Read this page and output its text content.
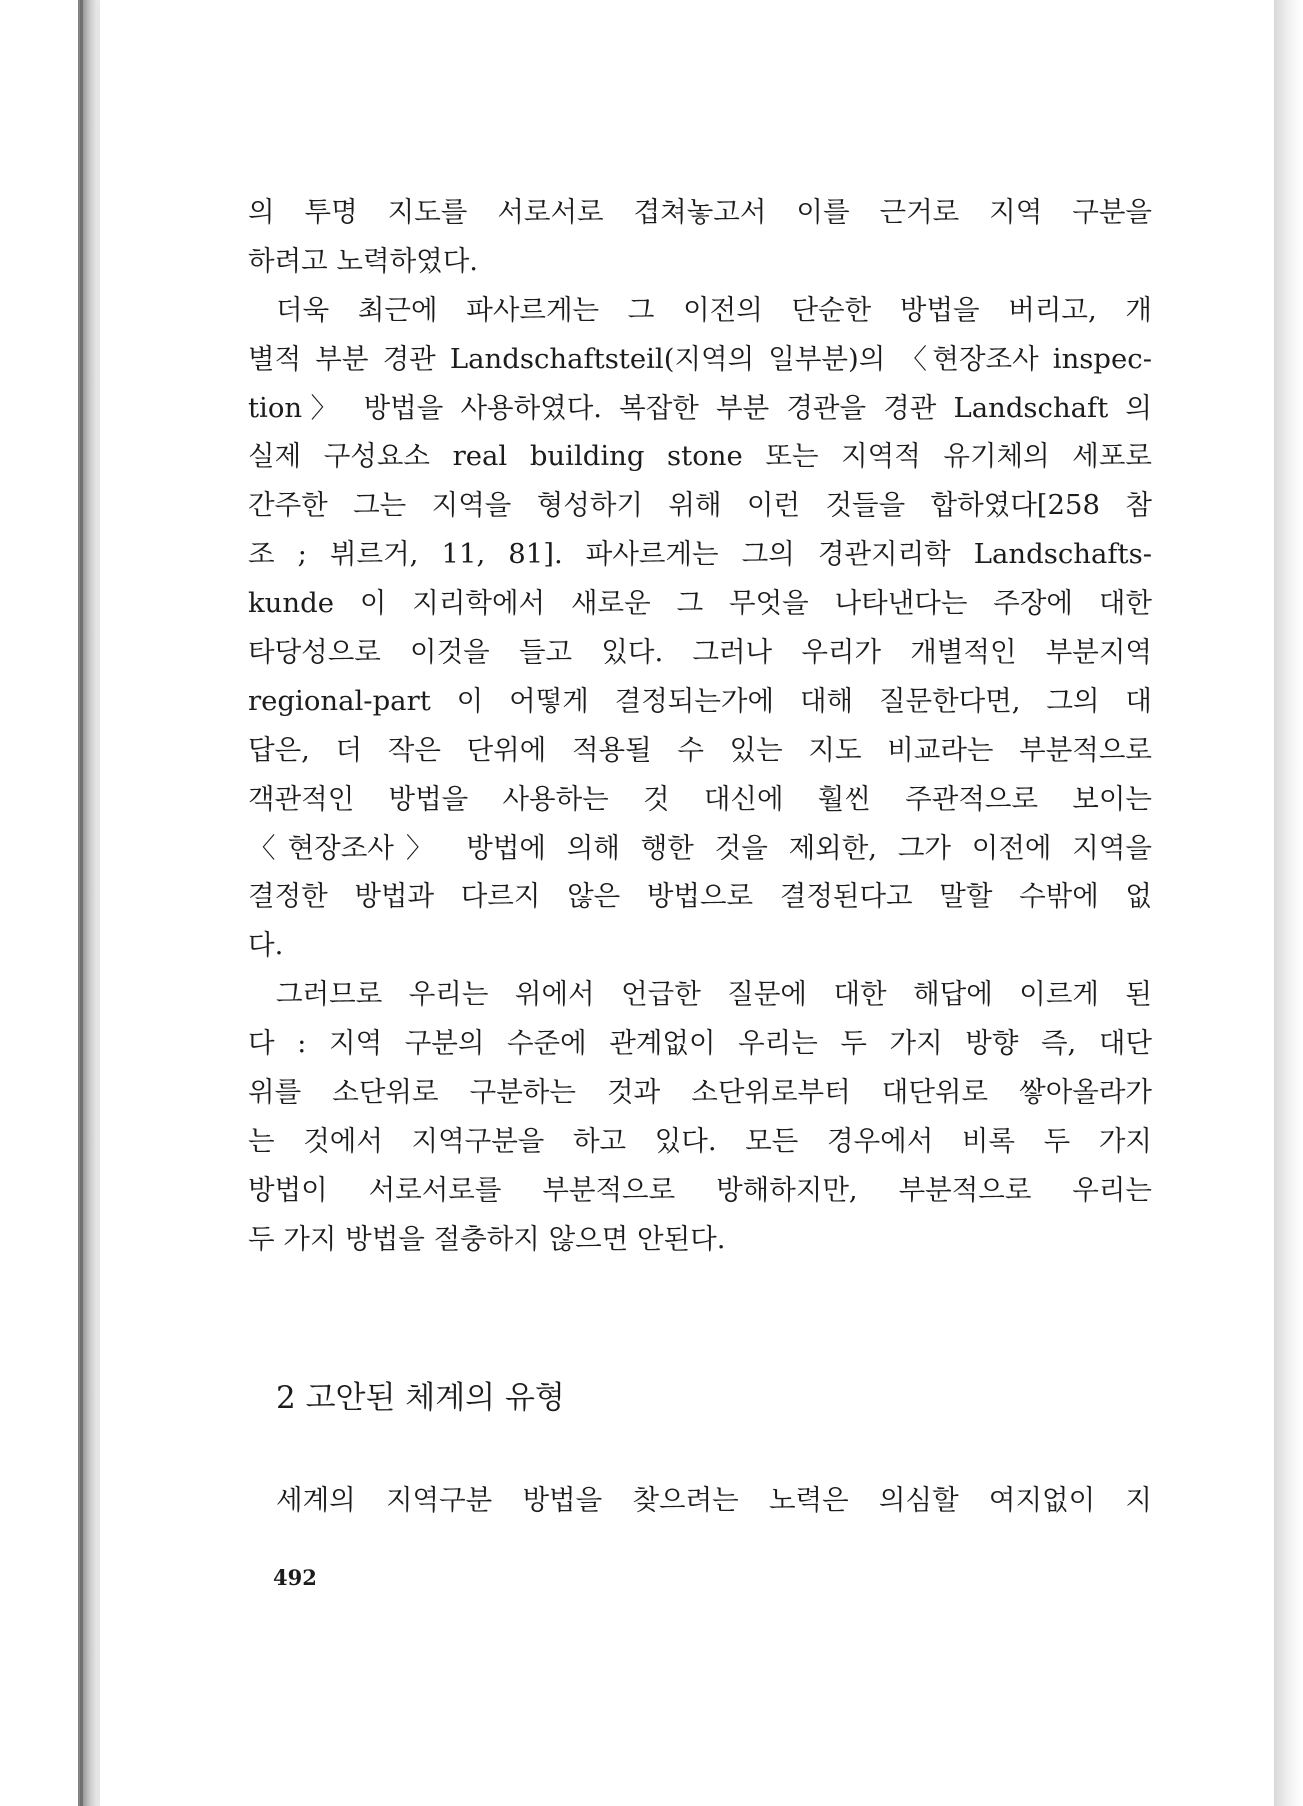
의 투명 지도를 서로서로 겹쳐놓고서 이를 근거로 지역 구분을
하려고 노력하였다.
더욱 최근에 파사르게는 그 이전의 단순한 방법을 버리고, 개
별적 부분 경관 Landschaftsteil(지역의 일부분)의 〈현장조사 inspec-
tion〉 방법을 사용하였다. 복잡한 부분 경관을 경관 Landschaft 의
실제 구성요소 real building stone 또는 지역적 유기체의 세포로
간주한 그는 지역을 형성하기 위해 이런 것들을 합하였다[258 참
조 ; 뷔르거, 11, 81]. 파사르게는 그의 경관지리학 Landschafts-
kunde 이 지리학에서 새로운 그 무엇을 나타낸다는 주장에 대한
타당성으로 이것을 들고 있다. 그러나 우리가 개별적인 부분지역
regional-part 이 어떻게 결정되는가에 대해 질문한다면, 그의 대
답은, 더 작은 단위에 적용될 수 있는 지도 비교라는 부분적으로
객관적인 방법을 사용하는 것 대신에 훨씬 주관적으로 보이는
〈현장조사〉 방법에 의해 행한 것을 제외한, 그가 이전에 지역을
결정한 방법과 다르지 않은 방법으로 결정된다고 말할 수밖에 없
다.
그러므로 우리는 위에서 언급한 질문에 대한 해답에 이르게 된
다 : 지역 구분의 수준에 관계없이 우리는 두 가지 방향 즉, 대단
위를 소단위로 구분하는 것과 소단위로부터 대단위로 쌓아올라가
는 것에서 지역구분을 하고 있다. 모든 경우에서 비록 두 가지
방법이 서로서로를 부분적으로 방해하지만, 부분적으로 우리는
두 가지 방법을 절충하지 않으면 안된다.
2 고안된 체계의 유형
세계의 지역구분 방법을 찾으려는 노력은 의심할 여지없이 지
492
